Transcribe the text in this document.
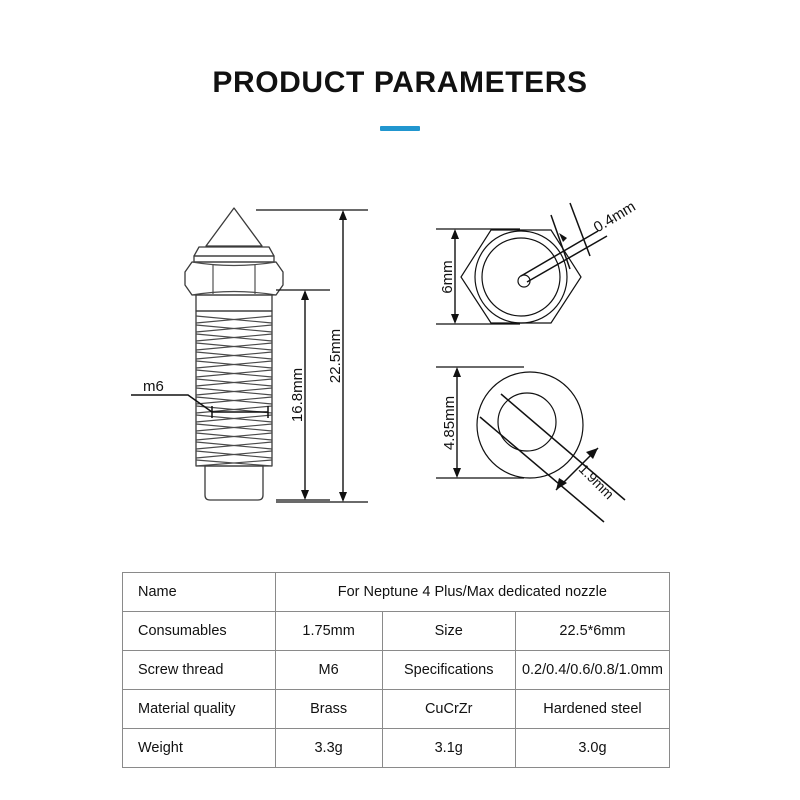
PRODUCT PARAMETERS
m6	16.8mm
22.5mm
6mm
0.4mm
4.85mm
1.9mm
Name	For Neptune 4 Plus/Max dedicated nozzle		
Consumables	1.75mm	Size	22.5*6mm
Screw thread	M6	Specifications	0.2/0.4/0.6/0.8/1.0mm
Material quality	Brass	CuCrZr	Hardened steel
Weight	3.3g	3.1g	3.0g
